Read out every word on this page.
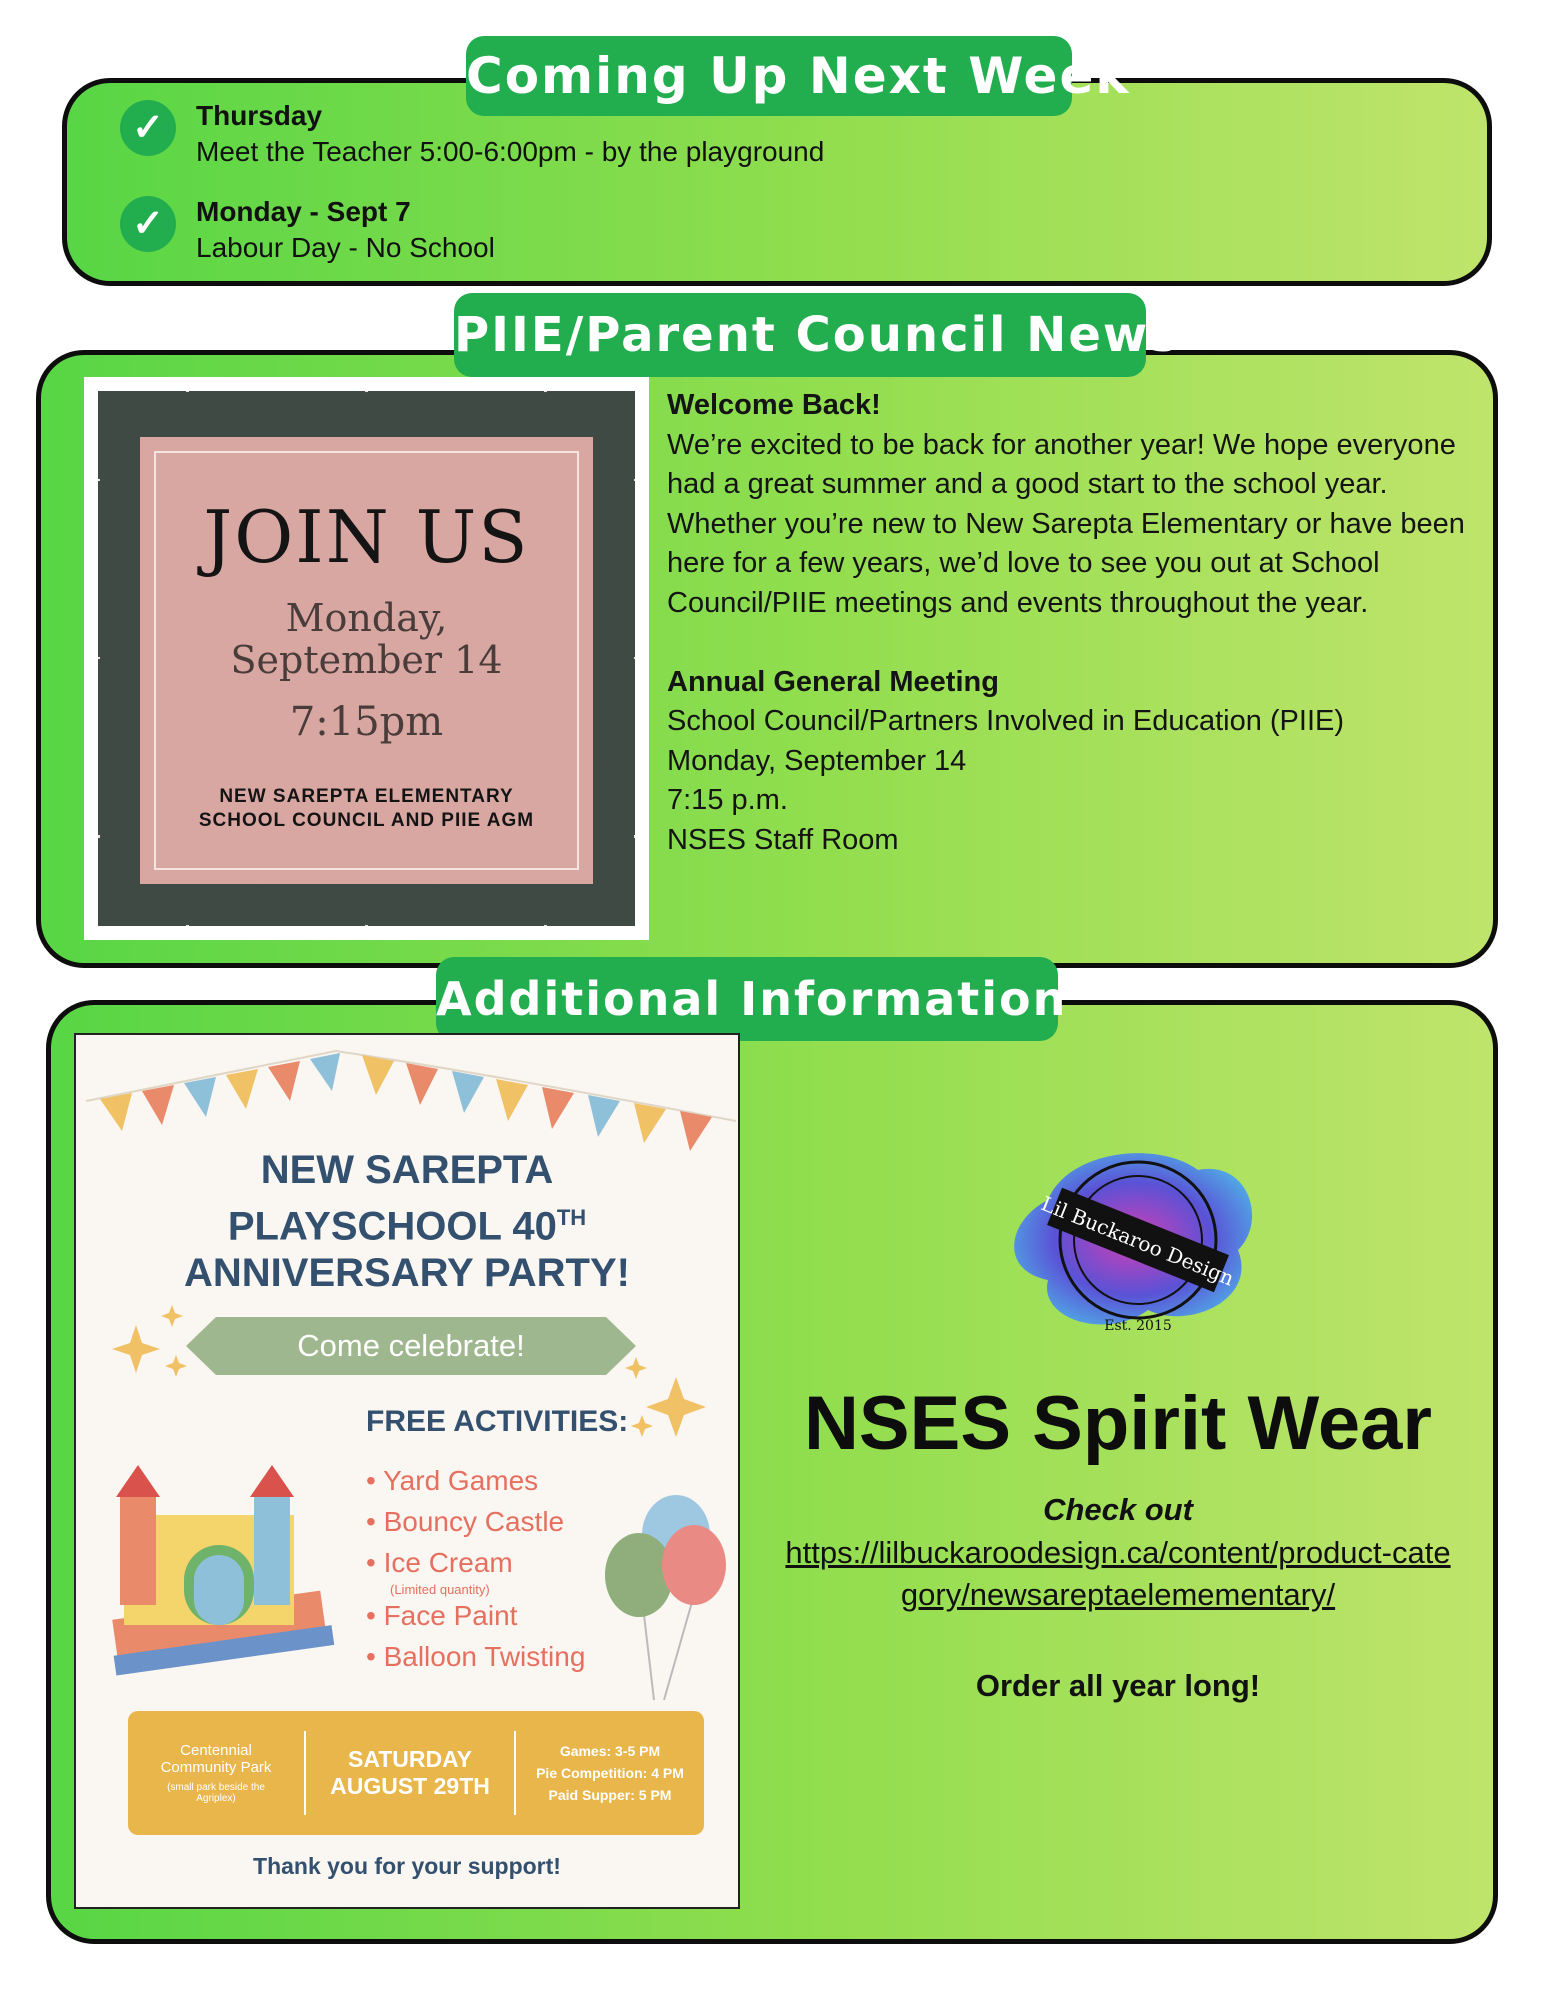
Coming Up Next Week
✓	Thursday
Meet the Teacher 5:00-6:00pm - by the playground
✓	Monday - Sept 7
Labour Day - No School
PIIE/Parent Council News
JOIN US
Monday,
September 14
7:15pm
NEW SAREPTA ELEMENTARY
SCHOOL COUNCIL AND PIIE AGM

Welcome Back!

We’re excited to be back for another year! We hope everyone had a great summer and a good start to the school year. Whether you’re new to New Sarepta Elementary or have been here for a few years, we’d love to see you out at School Council/PIIE meetings and events throughout the year.

Annual General Meeting

School Council/Partners Involved in Education (PIIE)

Monday, September 14

7:15 p.m.

NSES Staff Room

Additional Information
NEW SAREPTA
PLAYSCHOOL 40TH
ANNIVERSARY PARTY!
Come celebrate!
FREE ACTIVITIES:
• Yard Games
• Bouncy Castle
• Ice Cream
(Limited quantity)
• Face Paint
• Balloon Twisting
Centennial
Community Park
(small park beside the Agriplex)
SATURDAY
AUGUST 29TH
Games: 3-5 PM
Pie Competition: 4 PM
Paid Supper: 5 PM
Thank you for your support!
Lil Buckaroo Design
Est. 2015
NSES Spirit Wear
Check out
https://lilbuckaroodesign.ca/content/product-category/newsareptaelemementary/
Order all year long!
